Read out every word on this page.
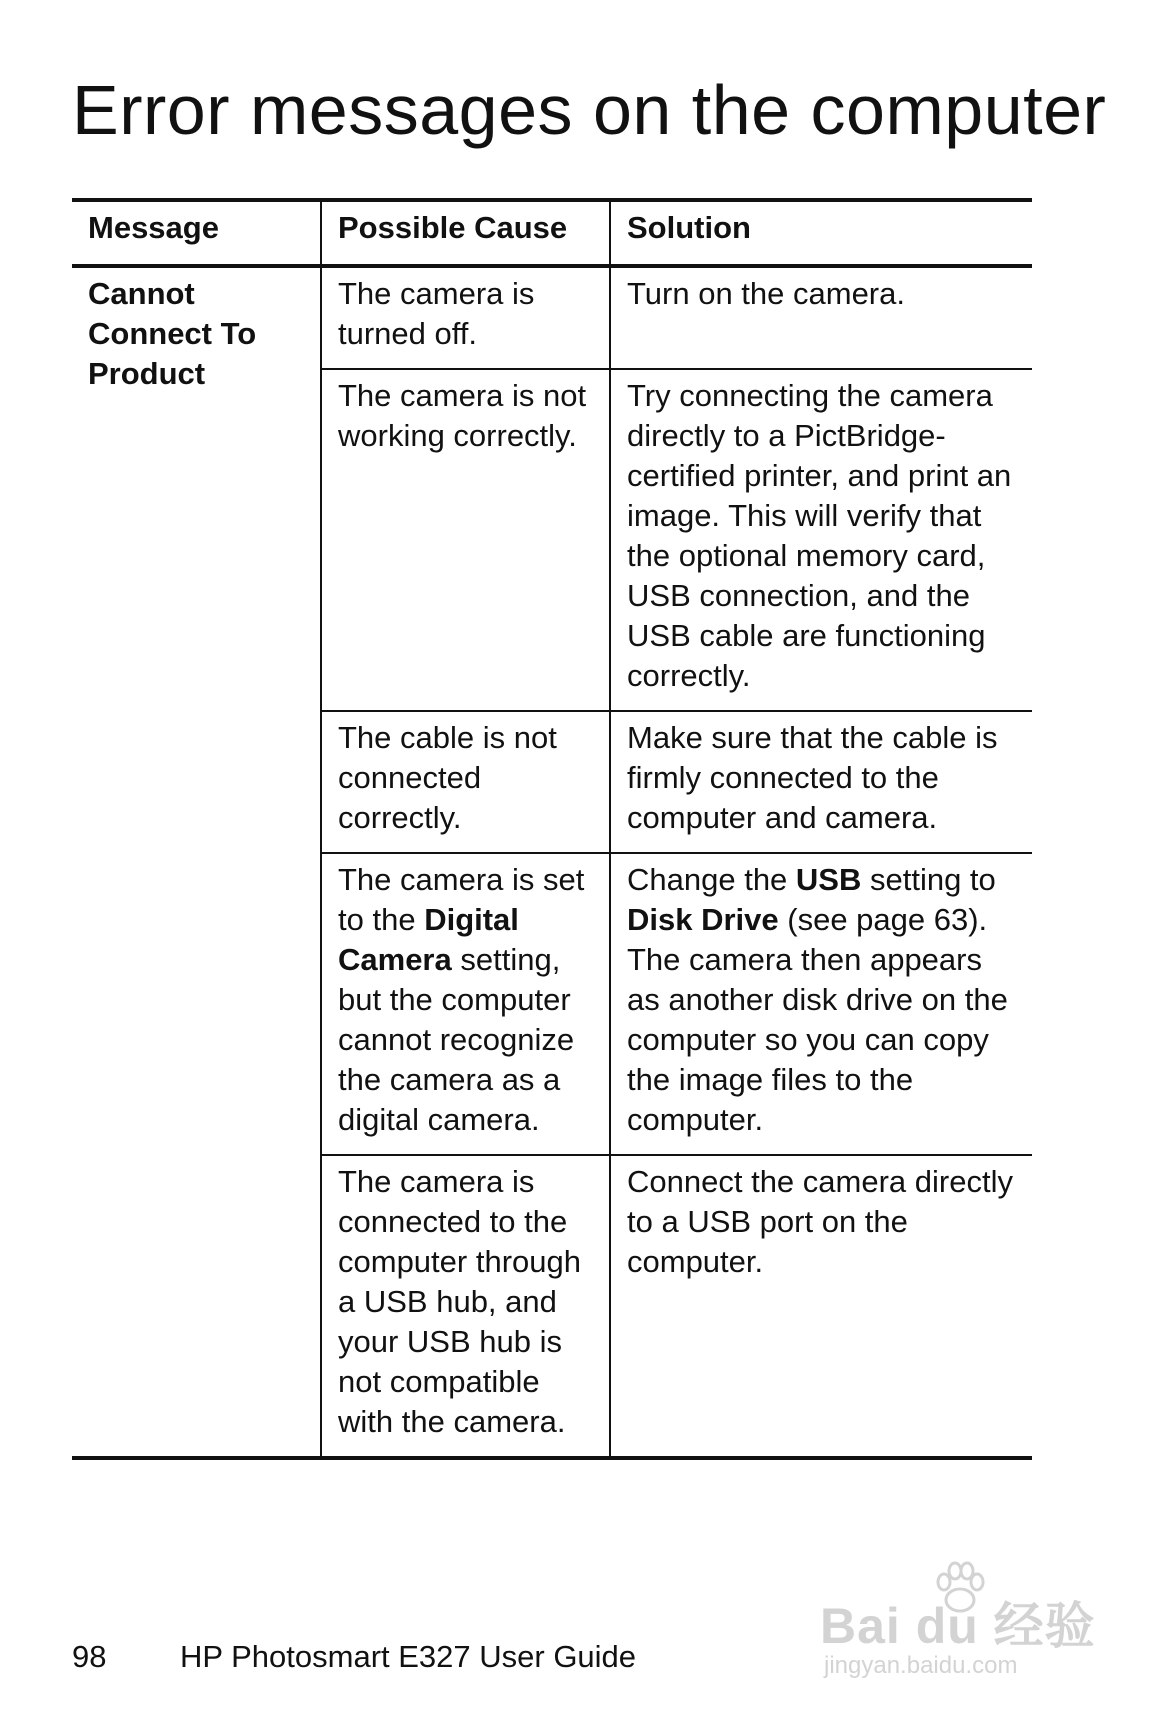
Error messages on the computer
Message	Possible Cause	Solution
Cannot Connect To Product	The camera is turned off.	Turn on the camera.
	The camera is not working correctly.	Try connecting the camera directly to a PictBridge-certified printer, and print an image. This will verify that the optional memory card, USB connection, and the USB cable are functioning correctly.
	The cable is not connected correctly.	Make sure that the cable is firmly connected to the computer and camera.
	The camera is set to the Digital Camera setting, but the computer cannot recognize the camera as a digital camera.	Change the USB setting to Disk Drive (see page 63). The camera then appears as another disk drive on the computer so you can copy the image files to the computer.
	The camera is connected to the computer through a USB hub, and your USB hub is not compatible with the camera.	Connect the camera directly to a USB port on the computer.
98 HP Photosmart E327 User Guide
Bai du 经验
jingyan.baidu.com
